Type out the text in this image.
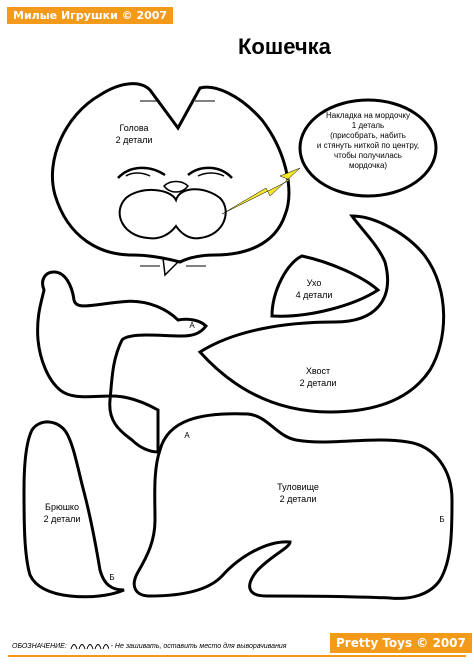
Милые Игрушки © 2007
Кошечка
Голова
2 детали
Накладка на мордочку
1 деталь
(присобрать, набить
и стянуть ниткой по центру,
чтобы получилась
мордочка)
Ухо
4 детали
Хвост
2 детали
А
Брюшко
2 детали
Б
А
Туловище
2 детали
Б
ОБОЗНАЧЕНИЕ:	- Не зашивать, оставить место для выворачивания	Pretty Toys © 2007
